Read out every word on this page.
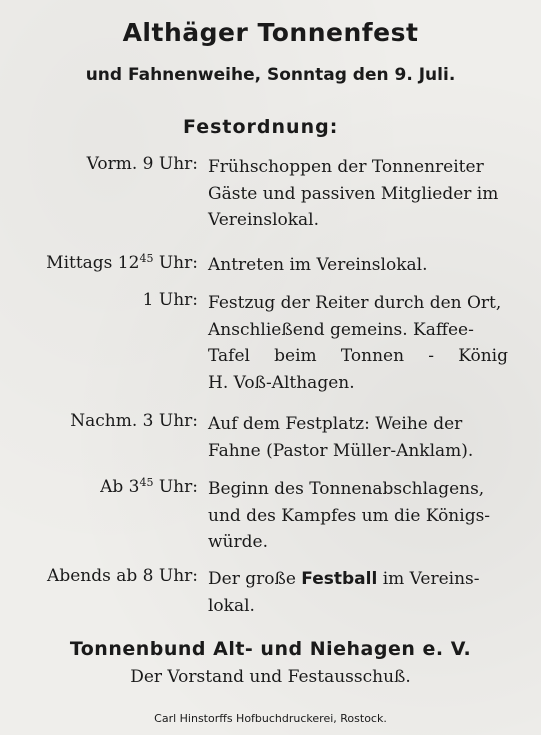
Althäger Tonnenfest
und Fahnenweihe, Sonntag den 9. Juli.
Festordnung:
Vorm. 9 Uhr: Frühschoppen der Tonnenreiter
Gäste und passiven Mitglieder im
Vereinslokal.
Mittags $12^{45}$ Uhr: Antreten im Vereinslokal.
1 Uhr: Festzug der Reiter durch den Ort,
Anschließend gemeins. Kaffee-
Tafel beim Tonnen - König
H. Voß-Althagen.
Nachm. 3 Uhr: Auf dem Festplatz: Weihe der
Fahne (Pastor Müller-Anklam).
Ab $3^{45}$ Uhr: Beginn des Tonnenabschlagens,
und des Kampfes um die Königs-
würde.
Abends ab 8 Uhr: Der große Festball im Vereins-
lokal.
Tonnenbund Alt- und Niehagen e. V.
Der Vorstand und Festausschuß.
Carl Hinstorffs Hofbuchdruckerei, Rostock.
